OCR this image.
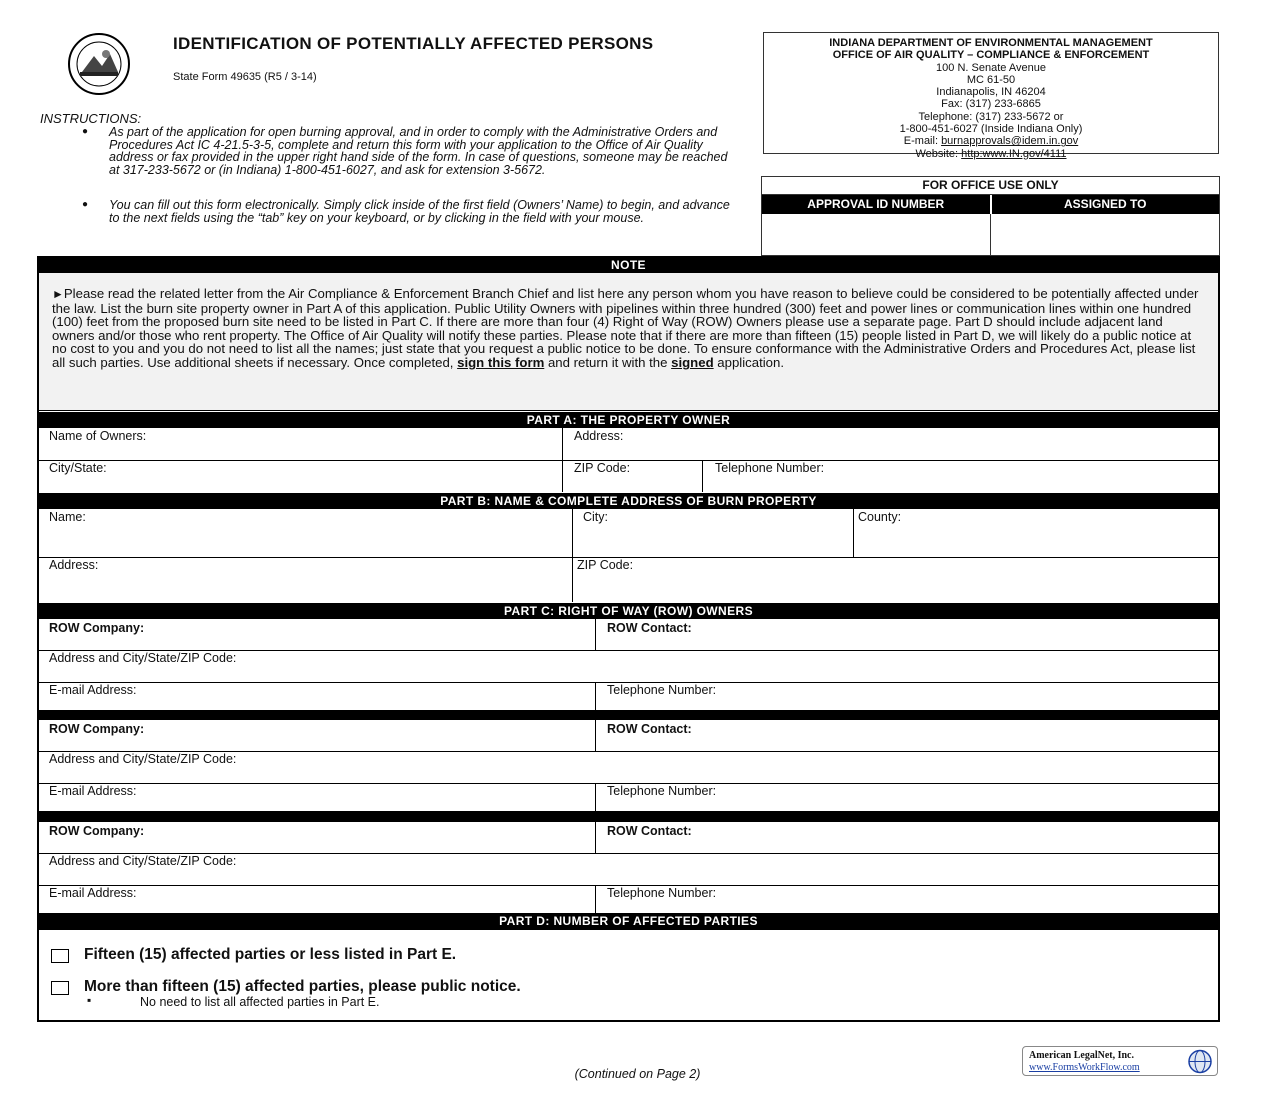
IDENTIFICATION OF POTENTIALLY AFFECTED PERSONS
State Form 49635 (R5 / 3-14)
INDIANA DEPARTMENT OF ENVIRONMENTAL MANAGEMENT
OFFICE OF AIR QUALITY – COMPLIANCE & ENFORCEMENT
100 N. Senate Avenue
MC 61-50
Indianapolis, IN 46204
Fax: (317) 233-6865
Telephone: (317) 233-5672 or
1-800-451-6027 (Inside Indiana Only)
E-mail: burnapprovals@idem.in.gov
Website: http:www.IN.gov/4111
INSTRUCTIONS:
● As part of the application for open burning approval, and in order to comply with the Administrative Orders and Procedures Act IC 4-21.5-3-5, complete and return this form with your application to the Office of Air Quality address or fax provided in the upper right hand side of the form. In case of questions, someone may be reached at 317-233-5672 or (in Indiana) 1-800-451-6027, and ask for extension 3-5672.
● You can fill out this form electronically. Simply click inside of the first field (Owners’ Name) to begin, and advance to the next fields using the “tab” key on your keyboard, or by clicking in the field with your mouse.
FOR OFFICE USE ONLY
APPROVAL ID NUMBER	ASSIGNED TO
NOTE
►Please read the related letter from the Air Compliance & Enforcement Branch Chief and list here any person whom you have reason to believe could be considered to be potentially affected under the law. List the burn site property owner in Part A of this application. Public Utility Owners with pipelines within three hundred (300) feet and power lines or communication lines within one hundred (100) feet from the proposed burn site need to be listed in Part C. If there are more than four (4) Right of Way (ROW) Owners please use a separate page. Part D should include adjacent land owners and/or those who rent property. The Office of Air Quality will notify these parties. Please note that if there are more than fifteen (15) people listed in Part D, we will likely do a public notice at no cost to you and you do not need to list all the names; just state that you request a public notice to be done. To ensure conformance with the Administrative Orders and Procedures Act, please list all such parties. Use additional sheets if necessary. Once completed, sign this form and return it with the signed application.
PART A: THE PROPERTY OWNER
Name of Owners:	Address:
City/State:	ZIP Code:	Telephone Number:
PART B: NAME & COMPLETE ADDRESS OF BURN PROPERTY
Name:	City:	County:
Address:	ZIP Code:
PART C: RIGHT OF WAY (ROW) OWNERS
ROW Company:	ROW Contact:
Address and City/State/ZIP Code:
E-mail Address:	Telephone Number:
ROW Company:	ROW Contact:
Address and City/State/ZIP Code:
E-mail Address:	Telephone Number:
ROW Company:	ROW Contact:
Address and City/State/ZIP Code:
E-mail Address:	Telephone Number:
PART D: NUMBER OF AFFECTED PARTIES
Fifteen (15) affected parties or less listed in Part E.
More than fifteen (15) affected parties, please public notice.
▪	No need to list all affected parties in Part E.
(Continued on Page 2)
American LegalNet, Inc.
www.FormsWorkFlow.com
